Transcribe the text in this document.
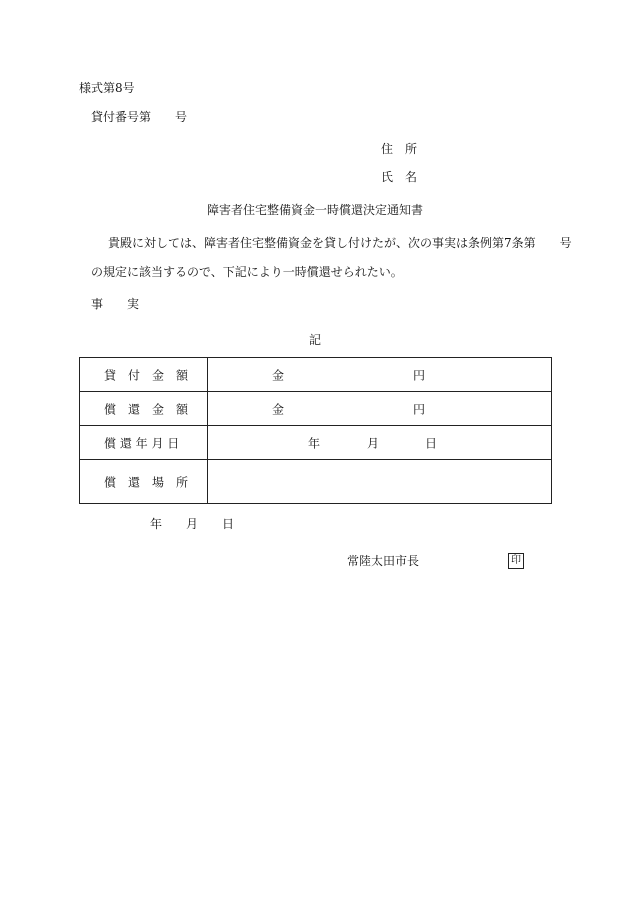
様式第8号
貸付番号第　　号
住　所
氏　名
障害者住宅整備資金一時償還決定通知書
貴殿に対しては、障害者住宅整備資金を貸し付けたが、次の事実は条例第7条第　　号
の規定に該当するので、下記により一時償還せられたい。
事　　実
記
貸　付　金　額	金 円

償　還　金　額	金 円

償 還 年 月 日	年 月 日

償　還　場　所	

年　　月　　日
常陸太田市長	印
